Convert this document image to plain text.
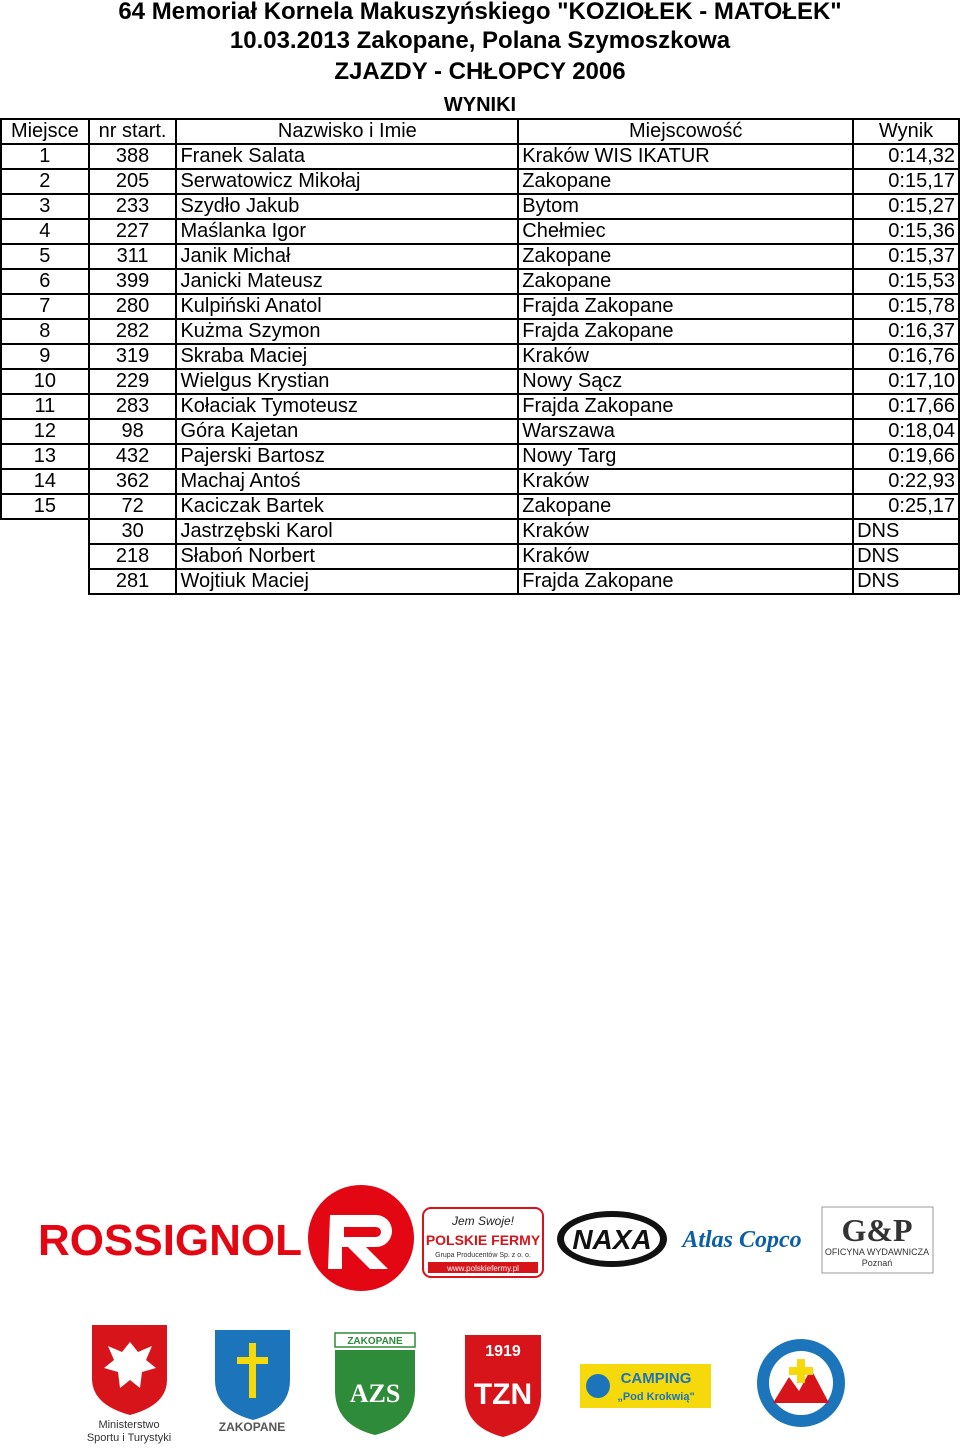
64 Memoriał Kornela Makuszyńskiego "KOZIOŁEK - MATOŁEK"
10.03.2013 Zakopane, Polana Szymoszkowa
ZJAZDY - CHŁOPCY 2006
WYNIKI
Miejsce	nr start.	Nazwisko i Imie	Miejscowość	Wynik
1	388	Franek Salata	Kraków WIS IKATUR	0:14,32
2	205	Serwatowicz Mikołaj	Zakopane	0:15,17
3	233	Szydło Jakub	Bytom	0:15,27
4	227	Maślanka Igor	Chełmiec	0:15,36
5	311	Janik Michał	Zakopane	0:15,37
6	399	Janicki Mateusz	Zakopane	0:15,53
7	280	Kulpiński Anatol	Frajda Zakopane	0:15,78
8	282	Kużma Szymon	Frajda Zakopane	0:16,37
9	319	Skraba Maciej	Kraków	0:16,76
10	229	Wielgus Krystian	Nowy Sącz	0:17,10
11	283	Kołaciak Tymoteusz	Frajda Zakopane	0:17,66
12	98	Góra Kajetan	Warszawa	0:18,04
13	432	Pajerski Bartosz	Nowy Targ	0:19,66
14	362	Machaj Antoś	Kraków	0:22,93
15	72	Kaciczak Bartek	Zakopane	0:25,17
	30	Jastrzębski Karol	Kraków	DNS
	218	Słaboń Norbert	Kraków	DNS
	281	Wojtiuk Maciej	Frajda Zakopane	DNS
ROSSIGNOL	Jem Swoje!
POLSKIE FERMY
Grupa Producentów Sp. z o. o.
www.polskiefermy.pl
NAXA Atlas Copco G&P
OFICYNA WYDAWNICZA
Poznań
Ministerstwo
Sportu i Turystyki
ZAKOPANE
ZAKOPANE
AZS
1919
TZN	CAMPING
„Pod Krokwią"
